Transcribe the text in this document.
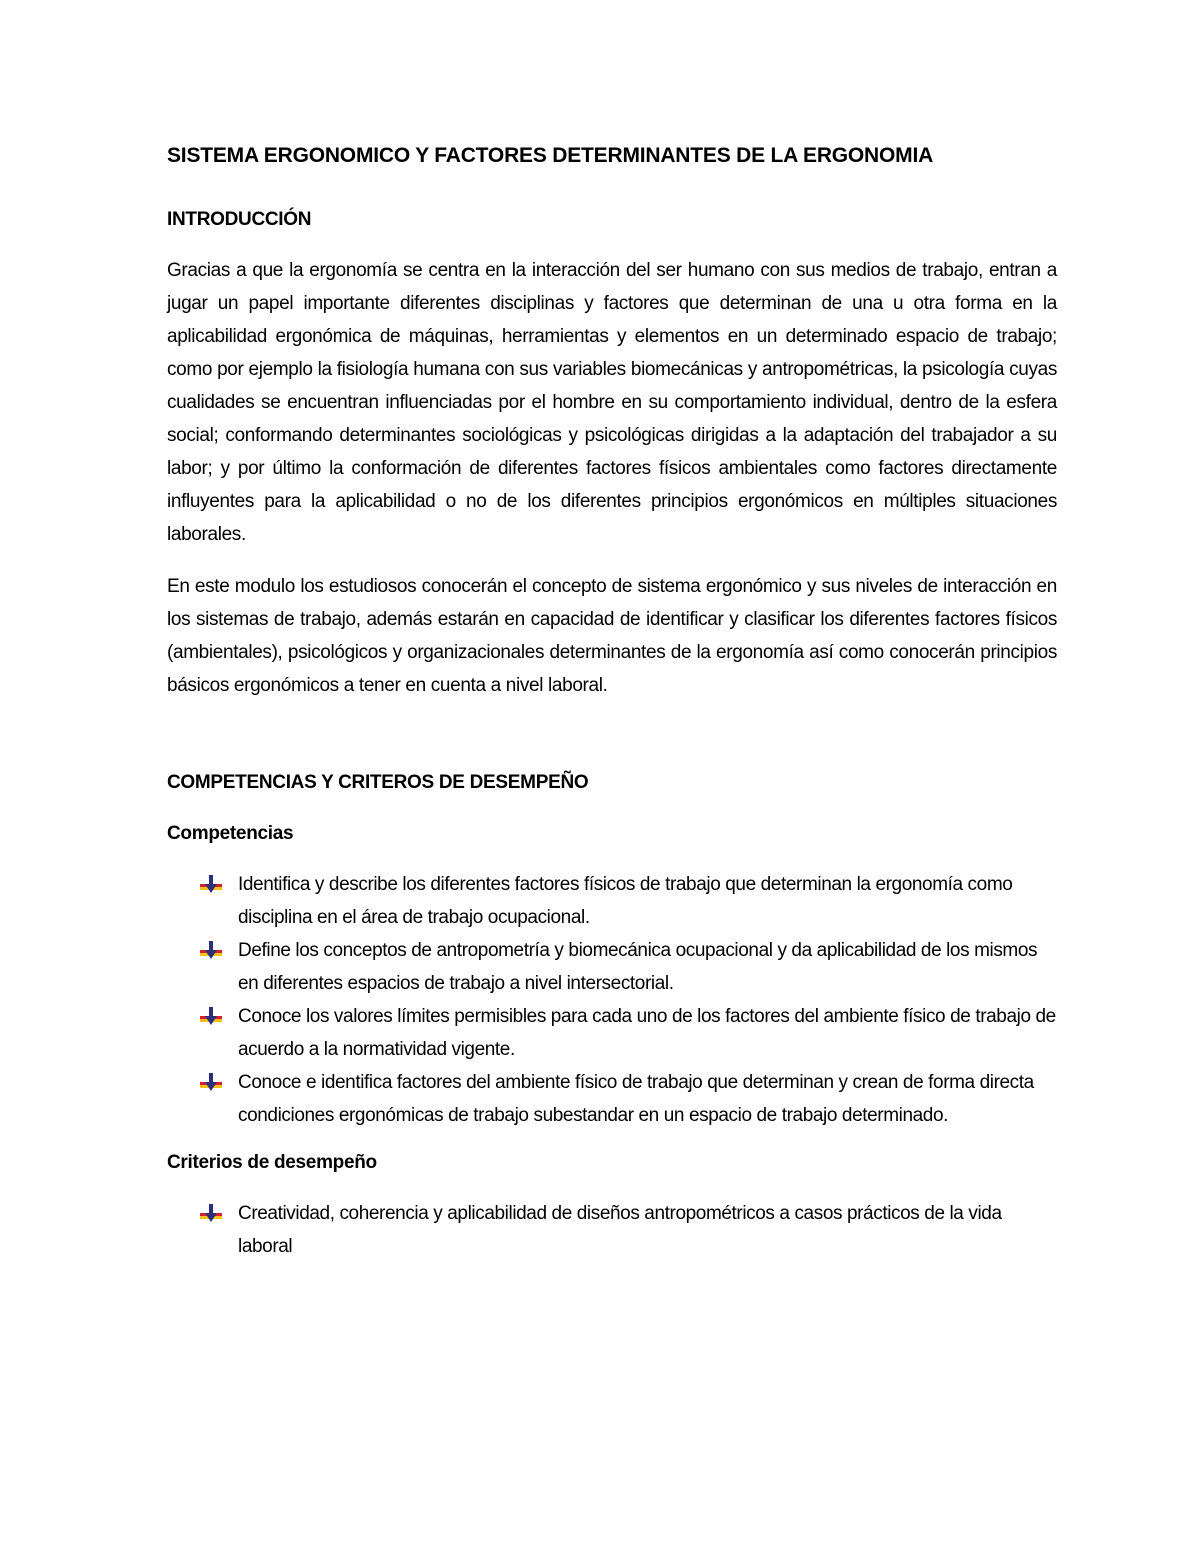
SISTEMA ERGONOMICO Y FACTORES DETERMINANTES DE LA ERGONOMIA
INTRODUCCIÓN

Gracias a que la ergonomía se centra en la interacción del ser humano con sus medios de trabajo, entran a jugar un papel importante diferentes disciplinas y factores que determinan de una u otra forma en la aplicabilidad ergonómica de máquinas, herramientas y elementos en un determinado espacio de trabajo; como por ejemplo la fisiología humana con sus variables biomecánicas y antropométricas, la psicología cuyas cualidades se encuentran influenciadas por el hombre en su comportamiento individual, dentro de la esfera social; conformando determinantes sociológicas y psicológicas dirigidas a la adaptación del trabajador a su labor; y por último la conformación de diferentes factores físicos ambientales como factores directamente influyentes para la aplicabilidad o no de los diferentes principios ergonómicos en múltiples situaciones laborales.

En este modulo los estudiosos conocerán el concepto de sistema ergonómico y sus niveles de interacción en los sistemas de trabajo, además estarán en capacidad de identificar y clasificar los diferentes factores físicos (ambientales), psicológicos y organizacionales determinantes de la ergonomía así como conocerán principios básicos ergonómicos a tener en cuenta a nivel laboral.

COMPETENCIAS Y CRITEROS DE DESEMPEÑO
Competencias
Identifica y describe los diferentes factores físicos de trabajo que determinan la ergonomía como disciplina en el área de trabajo ocupacional.
Define los conceptos de antropometría y biomecánica ocupacional y da aplicabilidad de los mismos en diferentes espacios de trabajo a nivel intersectorial.
Conoce los valores límites permisibles para cada uno de los factores del ambiente físico de trabajo de acuerdo a la normatividad vigente.
Conoce e identifica factores del ambiente físico de trabajo que determinan y crean de forma directa condiciones ergonómicas de trabajo subestandar en un espacio de trabajo determinado.
Criterios de desempeño
Creatividad, coherencia y aplicabilidad de diseños antropométricos a casos prácticos de la vida laboral
